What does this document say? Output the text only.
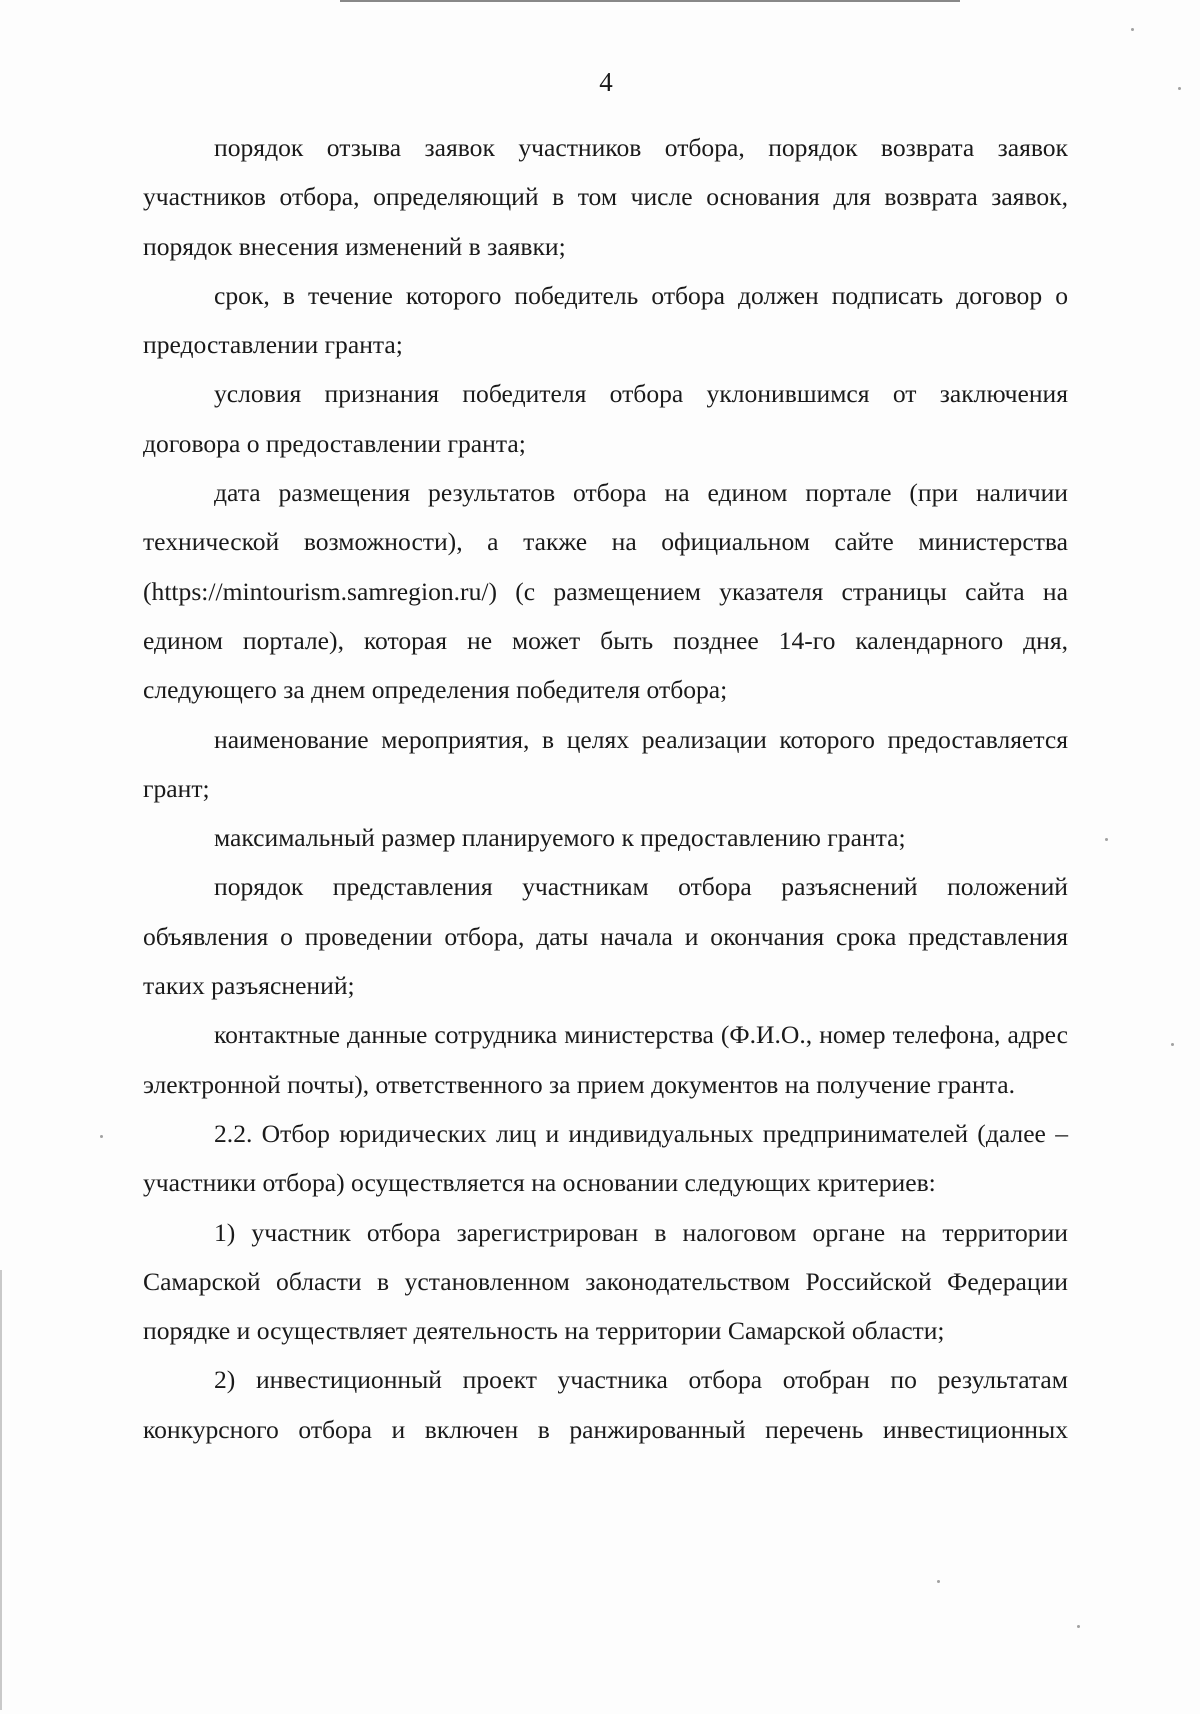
4

порядок отзыва заявок участников отбора, порядок возврата заявок участников отбора, определяющий в том числе основания для возврата заявок, порядок внесения изменений в заявки;

срок, в течение которого победитель отбора должен подписать договор о предоставлении гранта;

условия признания победителя отбора уклонившимся от заключения договора о предоставлении гранта;

дата размещения результатов отбора на едином портале (при наличии технической возможности), а также на официальном сайте министерства (https://mintourism.samregion.ru/) (с размещением указателя страницы сайта на едином портале), которая не может быть позднее 14-го календарного дня, следующего за днем определения победителя отбора;

наименование мероприятия, в целях реализации которого предоставляется грант;

максимальный размер планируемого к предоставлению гранта;

порядок представления участникам отбора разъяснений положений объявления о проведении отбора, даты начала и окончания срока представления таких разъяснений;

контактные данные сотрудника министерства (Ф.И.О., номер телефона, адрес электронной почты), ответственного за прием документов на получение гранта.

2.2. Отбор юридических лиц и индивидуальных предпринимателей (далее – участники отбора) осуществляется на основании следующих критериев:

1) участник отбора зарегистрирован в налоговом органе на территории Самарской области в установленном законодательством Российской Федерации порядке и осуществляет деятельность на территории Самарской области;

2) инвестиционный проект участника отбора отобран по результатам конкурсного отбора и включен в ранжированный перечень инвестиционных
